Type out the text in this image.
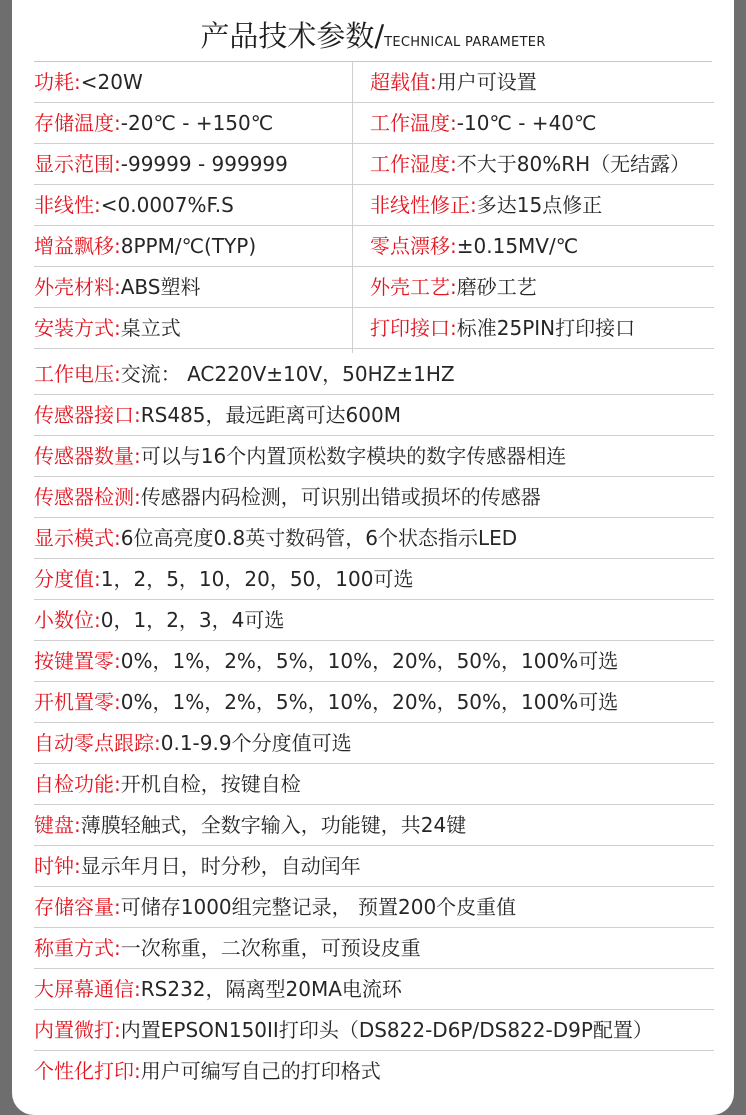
产品技术参数/TECHNICAL PARAMETER
功耗:<20W	超载值:用户可设置
存储温度:-20℃ - +150℃	工作温度:-10℃ - +40℃
显示范围:-99999 - 999999	工作湿度:不大于80%RH（无结露）
非线性:<0.0007%F.S	非线性修正:多达15点修正
增益飘移:8PPM/℃(TYP)	零点漂移:±0.15MV/℃
外壳材料:ABS塑料	外壳工艺:磨砂工艺
安装方式:桌立式	打印接口:标准25PIN打印接口
工作电压:交流： AC220V±10V，50HZ±1HZ
传感器接口:RS485，最远距离可达600M
传感器数量:可以与16个内置顶松数字模块的数字传感器相连
传感器检测:传感器内码检测，可识别出错或损坏的传感器
显示模式:6位高亮度0.8英寸数码管，6个状态指示LED
分度值:1，2，5，10，20，50，100可选
小数位:0，1，2，3，4可选
按键置零:0%，1%，2%，5%，10%，20%，50%，100%可选
开机置零:0%，1%，2%，5%，10%，20%，50%，100%可选
自动零点跟踪:0.1-9.9个分度值可选
自检功能:开机自检，按键自检
键盘:薄膜轻触式，全数字输入，功能键，共24键
时钟:显示年月日，时分秒，自动闰年
存储容量:可储存1000组完整记录， 预置200个皮重值
称重方式:一次称重，二次称重，可预设皮重
大屏幕通信:RS232，隔离型20MA电流环
内置微打:内置EPSON150II打印头（DS822-D6P/DS822-D9P配置）
个性化打印:用户可编写自己的打印格式
